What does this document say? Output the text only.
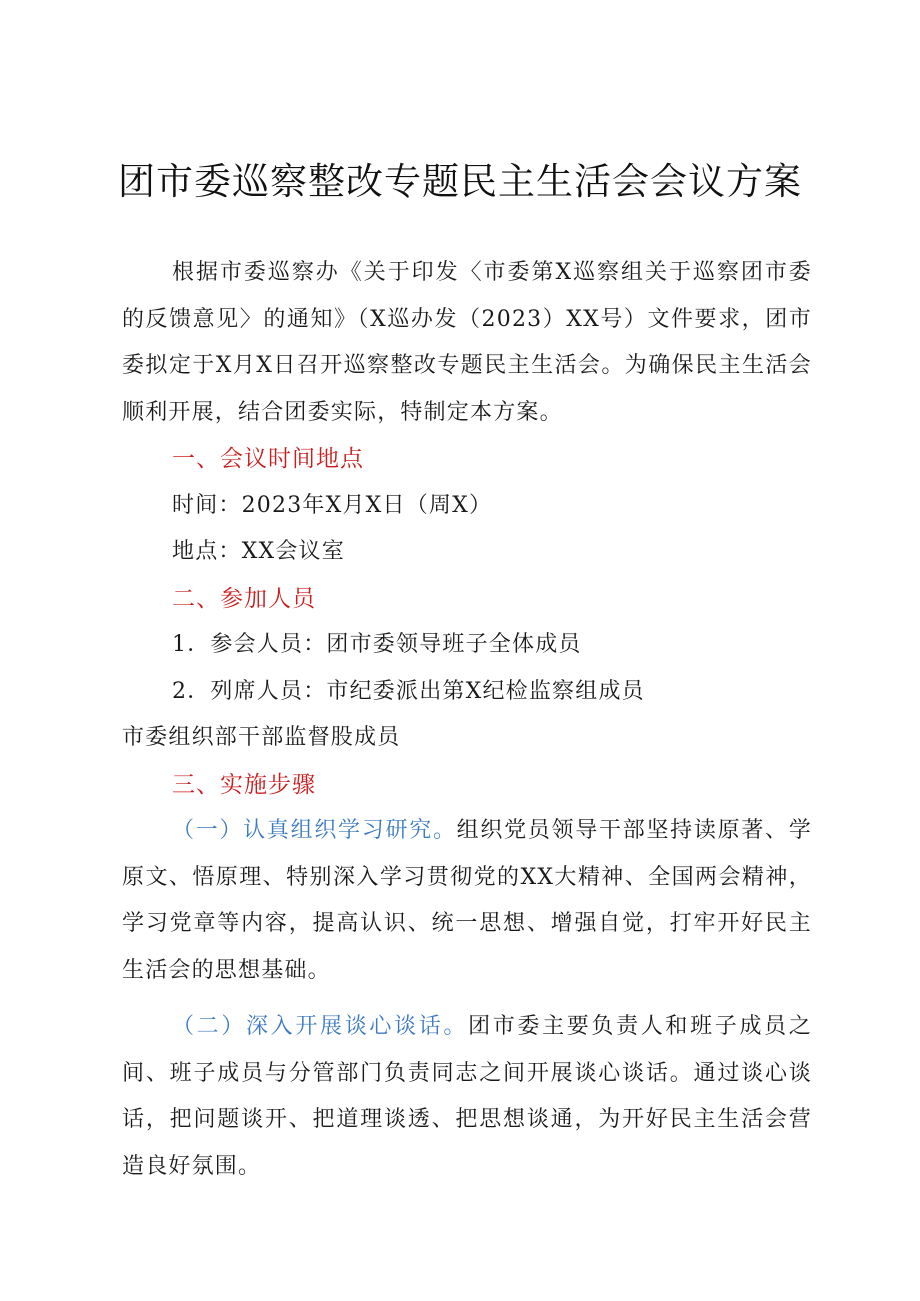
团市委巡察整改专题民主生活会会议方案

根据市委巡察办《关于印发〈市委第X巡察组关于巡察团市委的反馈意见〉的通知》（X巡办发（2023）XX号）文件要求，团市委拟定于X月X日召开巡察整改专题民主生活会。为确保民主生活会顺利开展，结合团委实际，特制定本方案。

一、会议时间地点

时间：2023年X月X日（周X）

地点：XX会议室

二、参加人员

1．参会人员：团市委领导班子全体成员

2．列席人员：市纪委派出第X纪检监察组成员

市委组织部干部监督股成员

三、实施步骤

（一）认真组织学习研究。组织党员领导干部坚持读原著、学原文、悟原理、特别深入学习贯彻党的XX大精神、全国两会精神，学习党章等内容，提高认识、统一思想、增强自觉，打牢开好民主生活会的思想基础。

（二）深入开展谈心谈话。团市委主要负责人和班子成员之间、班子成员与分管部门负责同志之间开展谈心谈话。通过谈心谈话，把问题谈开、把道理谈透、把思想谈通，为开好民主生活会营造良好氛围。
